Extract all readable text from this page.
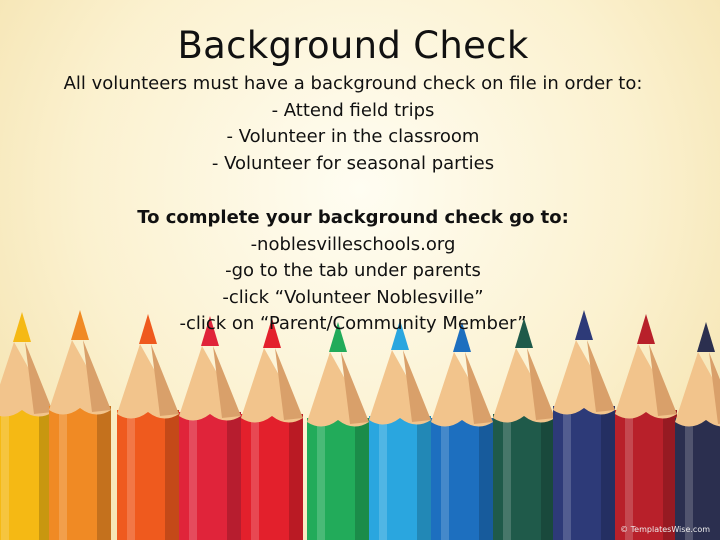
Background Check
All volunteers must have a background check on file in order to:
- Attend field trips
- Volunteer in the classroom
- Volunteer for seasonal parties
To complete your background check go to:
-noblesvilleschools.org
-go to the tab under parents
-click “Volunteer Noblesville”
-click on “Parent/Community Member”
© TemplatesWise.com
